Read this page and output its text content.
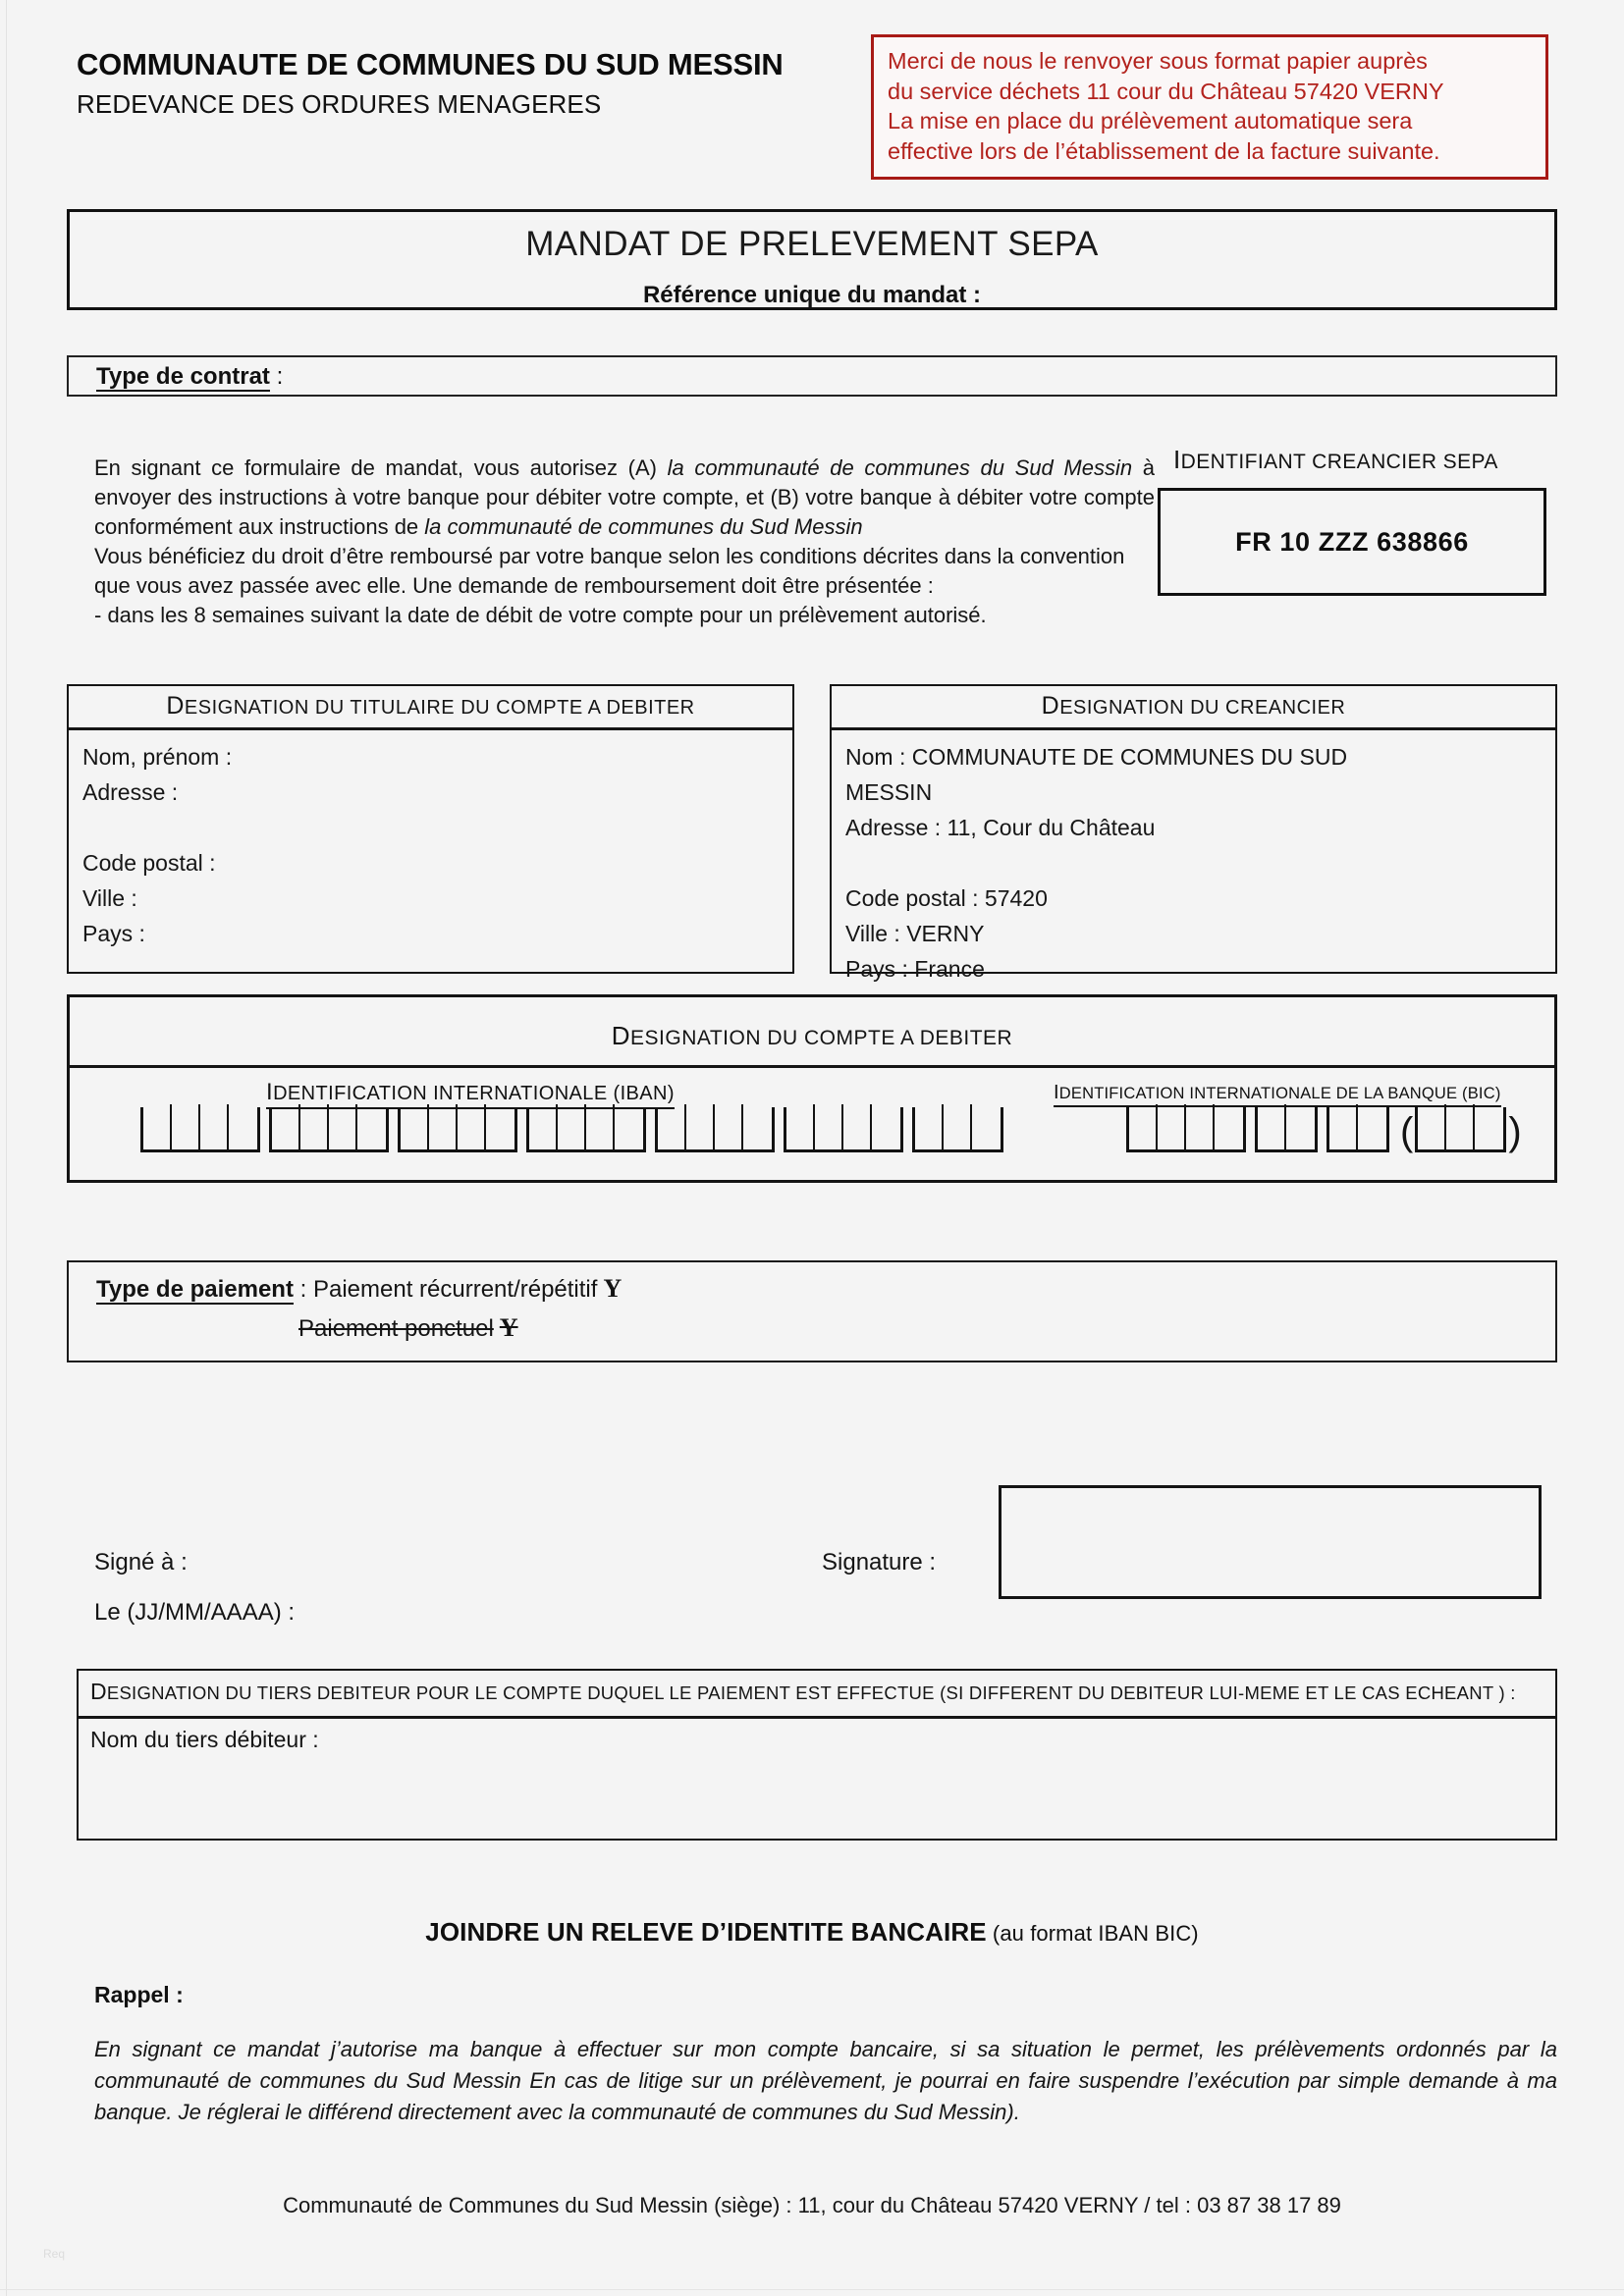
COMMUNAUTE DE COMMUNES DU SUD MESSIN
REDEVANCE DES ORDURES MENAGERES
Merci de nous le renvoyer sous format papier auprès
du service déchets 11 cour du Château 57420 VERNY
La mise en place du prélèvement automatique sera
effective lors de l’établissement de la facture suivante.
MANDAT DE PRELEVEMENT SEPA
Référence unique du mandat :
Type de contrat :

En signant ce formulaire de mandat, vous autorisez (A) la communauté de communes du Sud Messin à envoyer des instructions à votre banque pour débiter votre compte, et (B) votre banque à débiter votre compte conformément aux instructions de la communauté de communes du Sud Messin

Vous bénéficiez du droit d’être remboursé par votre banque selon les conditions décrites dans la convention que vous avez passée avec elle. Une demande de remboursement doit être présentée :

- dans les 8 semaines suivant la date de débit de votre compte pour un prélèvement autorisé.

IDENTIFIANT CREANCIER SEPA
FR 10 ZZZ 638866
DESIGNATION DU TITULAIRE DU COMPTE A DEBITER
Nom, prénom :
Adresse :
Code postal :
Ville :
Pays :
DESIGNATION DU CREANCIER
Nom : COMMUNAUTE DE COMMUNES DU SUD
MESSIN
Adresse : 11, Cour du Château
Code postal : 57420
Ville : VERNY
Pays : France
DESIGNATION DU COMPTE A DEBITER
IDENTIFICATION INTERNATIONALE (IBAN)	IDENTIFICATION INTERNATIONALE DE LA BANQUE (BIC)
( )
Type de paiement : Paiement récurrent/répétitif Y
Paiement ponctuel Y
Signé à :
Le (JJ/MM/AAAA) :
Signature :
DESIGNATION DU TIERS DEBITEUR POUR LE COMPTE DUQUEL LE PAIEMENT EST EFFECTUE (SI DIFFERENT DU DEBITEUR LUI-MEME ET LE CAS ECHEANT ) :
Nom du tiers débiteur :
JOINDRE UN RELEVE D’IDENTITE BANCAIRE (au format IBAN BIC)
Rappel :
En signant ce mandat j’autorise ma banque à effectuer sur mon compte bancaire, si sa situation le permet, les prélèvements ordonnés par la communauté de communes du Sud Messin En cas de litige sur un prélèvement, je pourrai en faire suspendre l’exécution par simple demande à ma banque. Je réglerai le différend directement avec la communauté de communes du Sud Messin).
Communauté de Communes du Sud Messin (siège) : 11, cour du Château 57420 VERNY / tel : 03 87 38 17 89
Req
